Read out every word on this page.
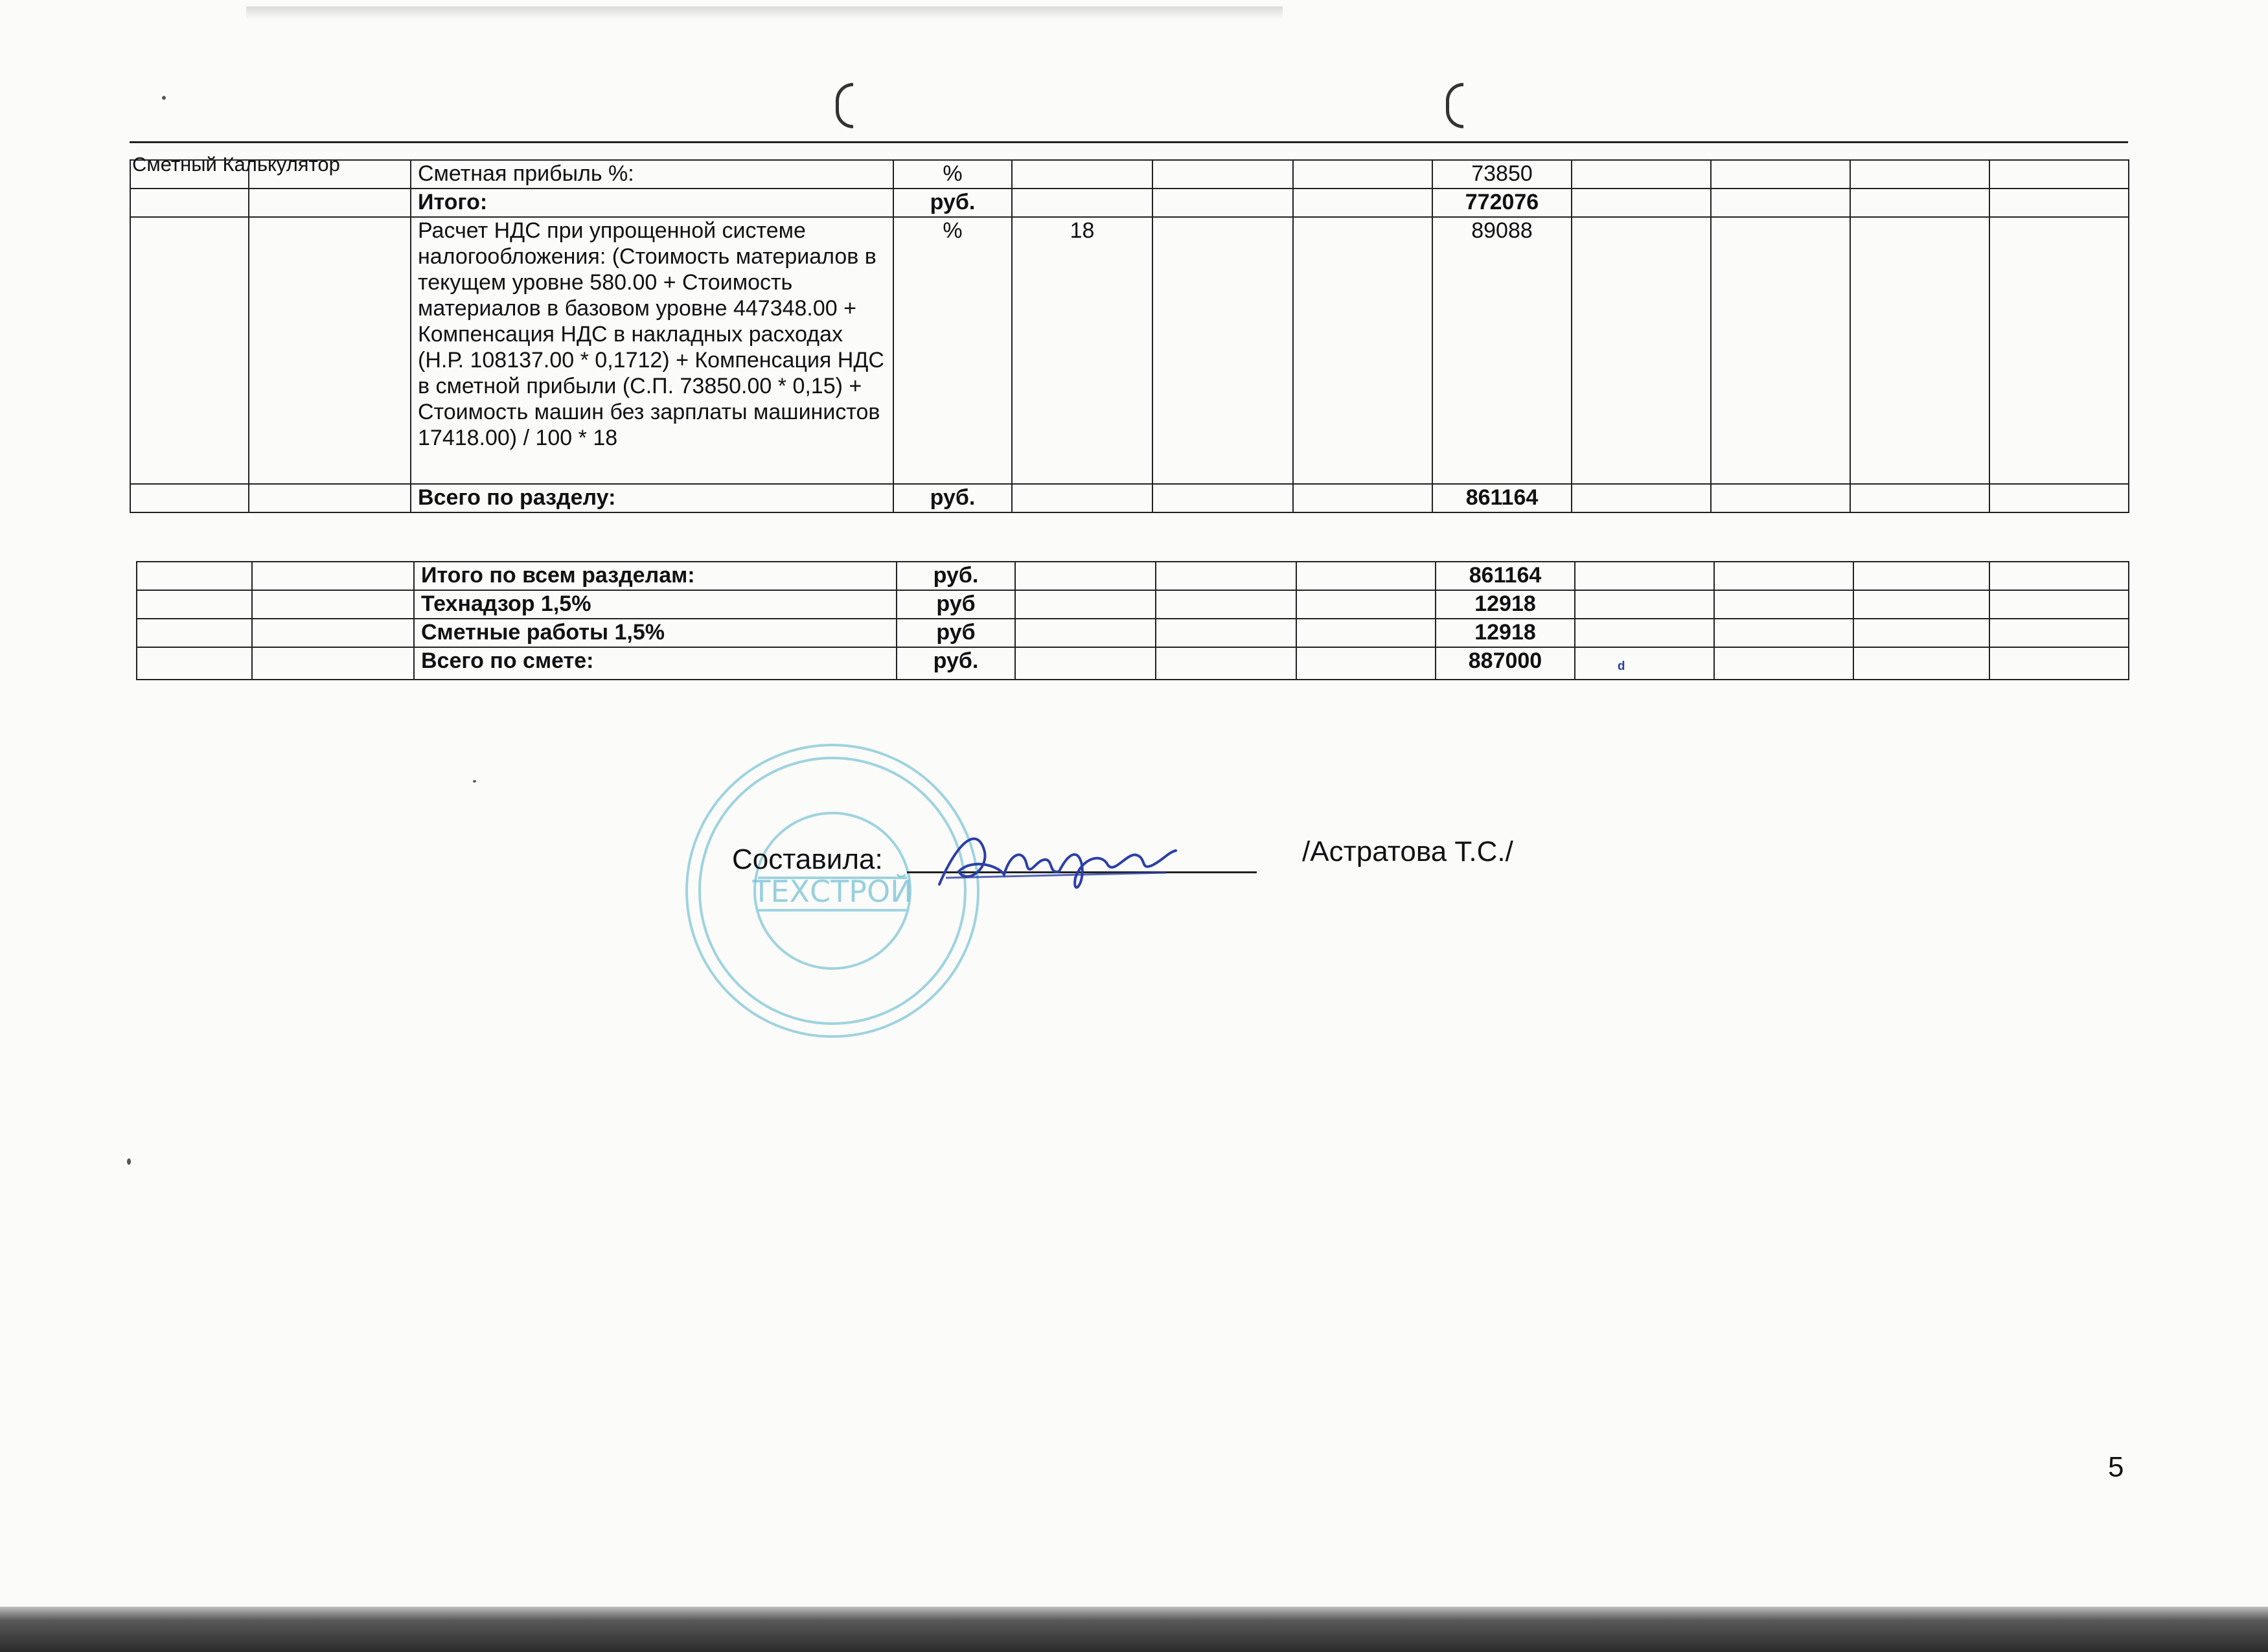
Сметный Калькулятор
			Сметная прибыль %:	%				73850				
		Итого:	руб.				772076				
		Расчет НДС при упрощенной системе налогообложения: (Стоимость материалов в текущем уровне 580.00 + Стоимость материалов в базовом уровне 447348.00 + Компенсация НДС в накладных расходах (Н.Р. 108137.00 * 0,1712) + Компенсация НДС в сметной прибыли (С.П. 73850.00 * 0,15) + Стоимость машин без зарплаты машинистов 17418.00) / 100 * 18	%	18			89088				
		Всего по разделу:	руб.				861164				
		Итого по всем разделам:	руб.				861164				
		Технадзор 1,5%	руб				12918				
		Сметные работы 1,5%	руб				12918				
		Всего по смете:	руб.				887000					ᵈ
ТЕХСТРОЙ
Составила:	/Астратова Т.С./
5
